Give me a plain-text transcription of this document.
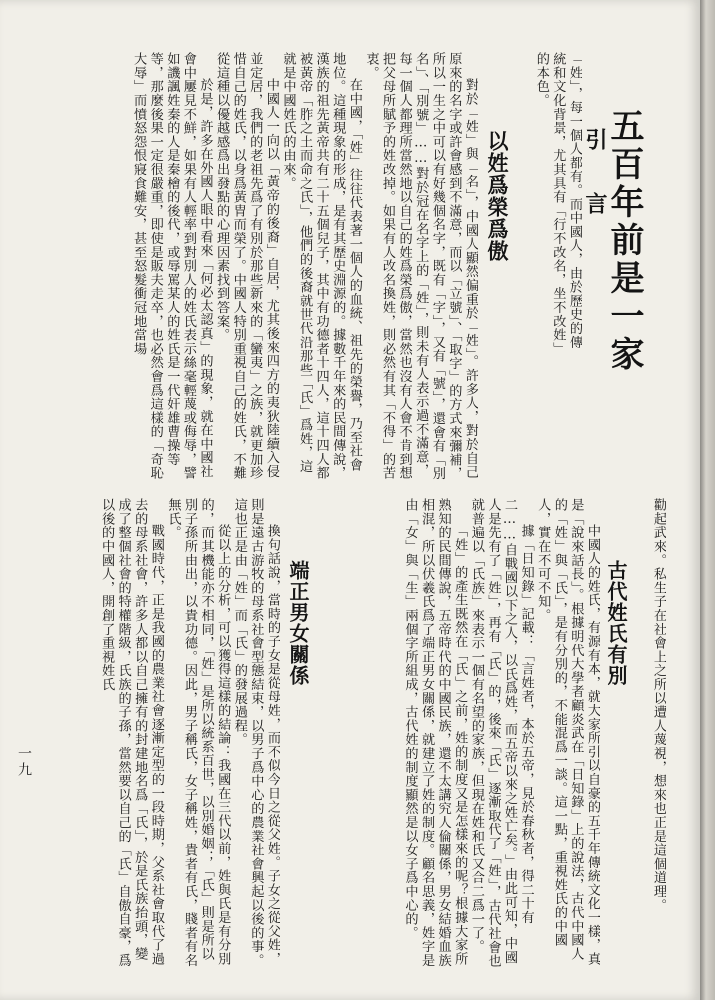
五百年前是一家
引　言

「姓」，每一個人都有。而中國人，由於歷史的傳統和文化背景，尤其具有「行不改名，坐不改姓」的本色。

以姓爲榮爲傲

對於「姓」與「名」，中國人顯然偏重於「姓」。許多人，對於自己原來的名字或許會感到不滿意，而以「立號」、「取字」的方式來彌補，所以一生之中可以有好幾個名字，既有「字」，又有「號」，還會有「別名」、「別號」……對於冠在名字上的「姓」，則未有人表示過不滿意，每一個人都理所當然地以自己的姓爲榮爲傲，當然也沒有人會不肯到想把父母所賦予的姓改掉。如果有人改名換姓，則必然有其「不得」的苦衷。

在中國，「姓」往往代表著一個人的血統、祖先的榮譽，乃至社會地位。這種現象的形成，是有其歷史淵源的。據數千年來的民間傳說，漢族的祖先黃帝共有二十五個兒子，其中有功德者十四人，這十四人都被黃帝「胙之土而命之氏」，他們的後裔就世代沿那些「氏」爲姓，這就是中國姓氏的由來。

中國人一向以「黃帝的後裔」自居，尤其後來四方的夷狄陸續入侵並定居，我們的老祖先爲了有別於那些新來的「蠻夷」之族，就更加珍惜自己的姓氏，以身爲黃胄而榮了。中國人特別重視自己的姓氏，不難從這種以優越感爲出發點的心理因素找到答案。

於是，許多在外國人眼中看來「何必太認真」的現象，就在中國社會中屢見不鮮，如果有人輕率到對別人的姓氏表示絲毫輕蔑或侮辱，譬如譏諷姓秦的人是秦檜的後代，或辱罵某人的姓氏是一代奸雄曹操等等，那麼後果一定很嚴重，即使是販夫走卒，也必然會爲這樣的「奇恥大辱」而憤怒怨恨寢食難安，甚至怒髮衝冠地當場

勸起武來。私生子在社會上之所以遭人蔑視，想來也正是這個道理。

古代姓氏有別

中國人的姓氏，有源有本，就大家所引以自豪的五千年傳統文化一樣，真是「說來話長」。根據明代大學者顧炎武在「日知錄」上的說法，古代中國人的「姓」與「氏」，是有分別的，不能混爲一談。這一點，重視姓氏的中國人，實在不可不知。

據「日知錄」記載：「言姓者，本於五帝，見於春秋者，得二十有二……自戰國以下之人，以氏爲姓，而五帝以來之姓亡矣。」由此可知，中國人是先有了「姓」，再有「氏」的，後來「氏」逐漸取代了「姓」，古代社會也就普遍以「氏族」來表示一個有名望的家族，但現在姓和氏又合二爲一了。

「姓」的產生既然在「氏」之前，姓的制度又是怎樣來的呢？根據大家所熟知的民間傳說，五帝時代的中國民族，還不太講究人倫關係，男女結婚血族相混，所以伏羲氏爲了端正男女關係，就建立了姓的制度。顧名思義，姓字是由「女」與「生」兩個字所組成，古代姓的制度顯然是以女子爲中心的。

端正男女關係

換句話說，當時的子女是從母姓，而不似今日之從父姓。子女之從父姓，則是遠古游牧的母系社會型態結束，以男子爲中心的農業社會興起以後的事。這也正是由「姓」而「氏」的發展過程。

從以上的分析，可以獲得這樣的結論：我國在三代以前，姓與氏是有分別的，而其機能亦不相同，「姓」是所以統系百世，以別婚姻；「氏」則是所以別子孫所由出，以貴功德。因此，男子稱氏，女子稱姓，貴者有氏，賤者有名無氏。

戰國時代，正是我國的農業社會逐漸定型的一段時期，父系社會取代了過去的母系社會，許多人都以自己擁有的封建地名爲「氏」，於是氏族抬頭，變成了整個社會的特權階級，氏族的子孫，當然要以自己的「氏」自傲自豪，爲以後的中國人，開創了重視姓氏

一九
